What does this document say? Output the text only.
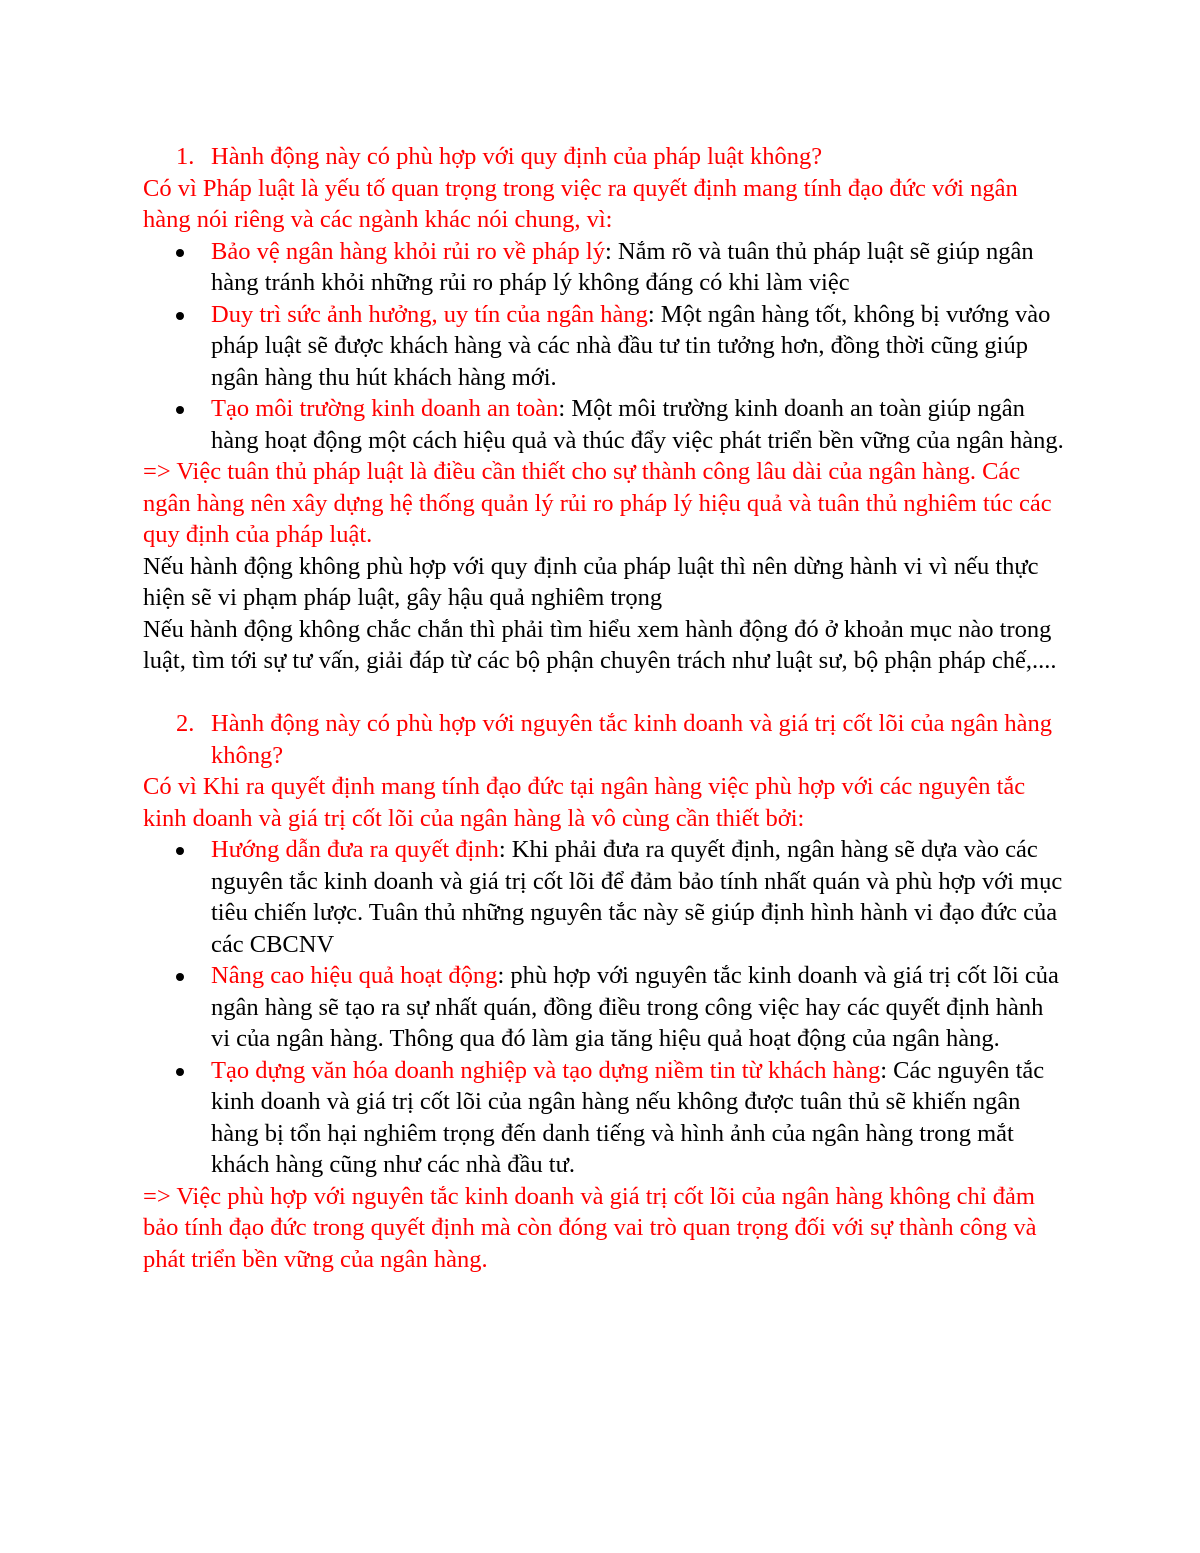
1. Hành động này có phù hợp với quy định của pháp luật không?

Có vì Pháp luật là yếu tố quan trọng trong việc ra quyết định mang tính đạo đức với ngân hàng nói riêng và các ngành khác nói chung, vì:

Bảo vệ ngân hàng khỏi rủi ro về pháp lý: Nắm rõ và tuân thủ pháp luật sẽ giúp ngân hàng tránh khỏi những rủi ro pháp lý không đáng có khi làm việc
Duy trì sức ảnh hưởng, uy tín của ngân hàng: Một ngân hàng tốt, không bị vướng vào pháp luật sẽ được khách hàng và các nhà đầu tư tin tưởng hơn, đồng thời cũng giúp ngân hàng thu hút khách hàng mới.
Tạo môi trường kinh doanh an toàn: Một môi trường kinh doanh an toàn giúp ngân hàng hoạt động một cách hiệu quả và thúc đẩy việc phát triển bền vững của ngân hàng.

=> Việc tuân thủ pháp luật là điều cần thiết cho sự thành công lâu dài của ngân hàng. Các ngân hàng nên xây dựng hệ thống quản lý rủi ro pháp lý hiệu quả và tuân thủ nghiêm túc các quy định của pháp luật.

Nếu hành động không phù hợp với quy định của pháp luật thì nên dừng hành vi vì nếu thực hiện sẽ vi phạm pháp luật, gây hậu quả nghiêm trọng

Nếu hành động không chắc chắn thì phải tìm hiểu xem hành động đó ở khoản mục nào trong luật, tìm tới sự tư vấn, giải đáp từ các bộ phận chuyên trách như luật sư, bộ phận pháp chế,....

2. Hành động này có phù hợp với nguyên tắc kinh doanh và giá trị cốt lõi của ngân hàng không?

Có vì Khi ra quyết định mang tính đạo đức tại ngân hàng việc phù hợp với các nguyên tắc kinh doanh và giá trị cốt lõi của ngân hàng là vô cùng cần thiết bởi:

Hướng dẫn đưa ra quyết định: Khi phải đưa ra quyết định, ngân hàng sẽ dựa vào các nguyên tắc kinh doanh và giá trị cốt lõi để đảm bảo tính nhất quán và phù hợp với mục tiêu chiến lược. Tuân thủ những nguyên tắc này sẽ giúp định hình hành vi đạo đức của các CBCNV
Nâng cao hiệu quả hoạt động: phù hợp với nguyên tắc kinh doanh và giá trị cốt lõi của ngân hàng sẽ tạo ra sự nhất quán, đồng điều trong công việc hay các quyết định hành vi của ngân hàng. Thông qua đó làm gia tăng hiệu quả hoạt động của ngân hàng.
Tạo dựng văn hóa doanh nghiệp và tạo dựng niềm tin từ khách hàng: Các nguyên tắc kinh doanh và giá trị cốt lõi của ngân hàng nếu không được tuân thủ sẽ khiến ngân hàng bị tổn hại nghiêm trọng đến danh tiếng và hình ảnh của ngân hàng trong mắt khách hàng cũng như các nhà đầu tư.

=> Việc phù hợp với nguyên tắc kinh doanh và giá trị cốt lõi của ngân hàng không chỉ đảm bảo tính đạo đức trong quyết định mà còn đóng vai trò quan trọng đối với sự thành công và phát triển bền vững của ngân hàng.
